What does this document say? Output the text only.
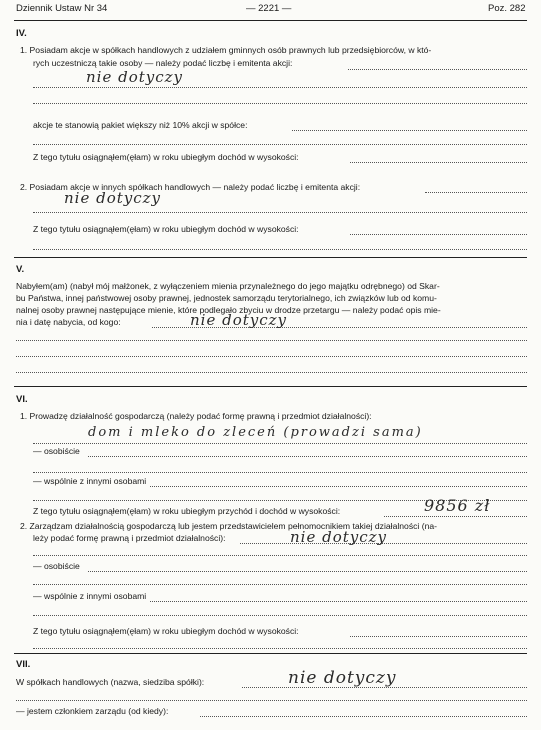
Dziennik Ustaw Nr 34	— 2221 —	Poz. 282
IV.
1. Posiadam akcje w spółkach handlowych z udziałem gminnych osób prawnych lub przedsiębiorców, w któ-
rych uczestniczą takie osoby — należy podać liczbę i emitenta akcji:
nie dotyczy
akcje te stanowią pakiet większy niż 10% akcji w spółce:
Z tego tytułu osiągnąłem(ęłam) w roku ubiegłym dochód w wysokości:
2. Posiadam akcje w innych spółkach handlowych — należy podać liczbę i emitenta akcji:
nie dotyczy
Z tego tytułu osiągnąłem(ęłam) w roku ubiegłym dochód w wysokości:
V.
Nabyłem(am) (nabył mój małżonek, z wyłączeniem mienia przynależnego do jego majątku odrębnego) od Skar-
bu Państwa, innej państwowej osoby prawnej, jednostek samorządu terytorialnego, ich związków lub od komu-
nalnej osoby prawnej następujące mienie, które podlegało zbyciu w drodze przetargu — należy podać opis mie-
nia i datę nabycia, od kogo:	nie dotyczy
VI.
1. Prowadzę działalność gospodarczą (należy podać formę prawną i przedmiot działalności):
dom i mleko do zleceń (prowadzi sama)
— osobiście
— wspólnie z innymi osobami
Z tego tytułu osiągnąłem(ęłam) w roku ubiegłym przychód i dochód w wysokości:	9856 zł
2. Zarządzam działalnością gospodarczą lub jestem przedstawicielem pełnomocnikiem takiej działalności (na-
leży podać formę prawną i przedmiot działalności):	nie dotyczy
— osobiście
— wspólnie z innymi osobami
Z tego tytułu osiągnąłem(ęłam) w roku ubiegłym dochód w wysokości:
VII.
W spółkach handlowych (nazwa, siedziba spółki):	nie dotyczy
— jestem członkiem zarządu (od kiedy):
